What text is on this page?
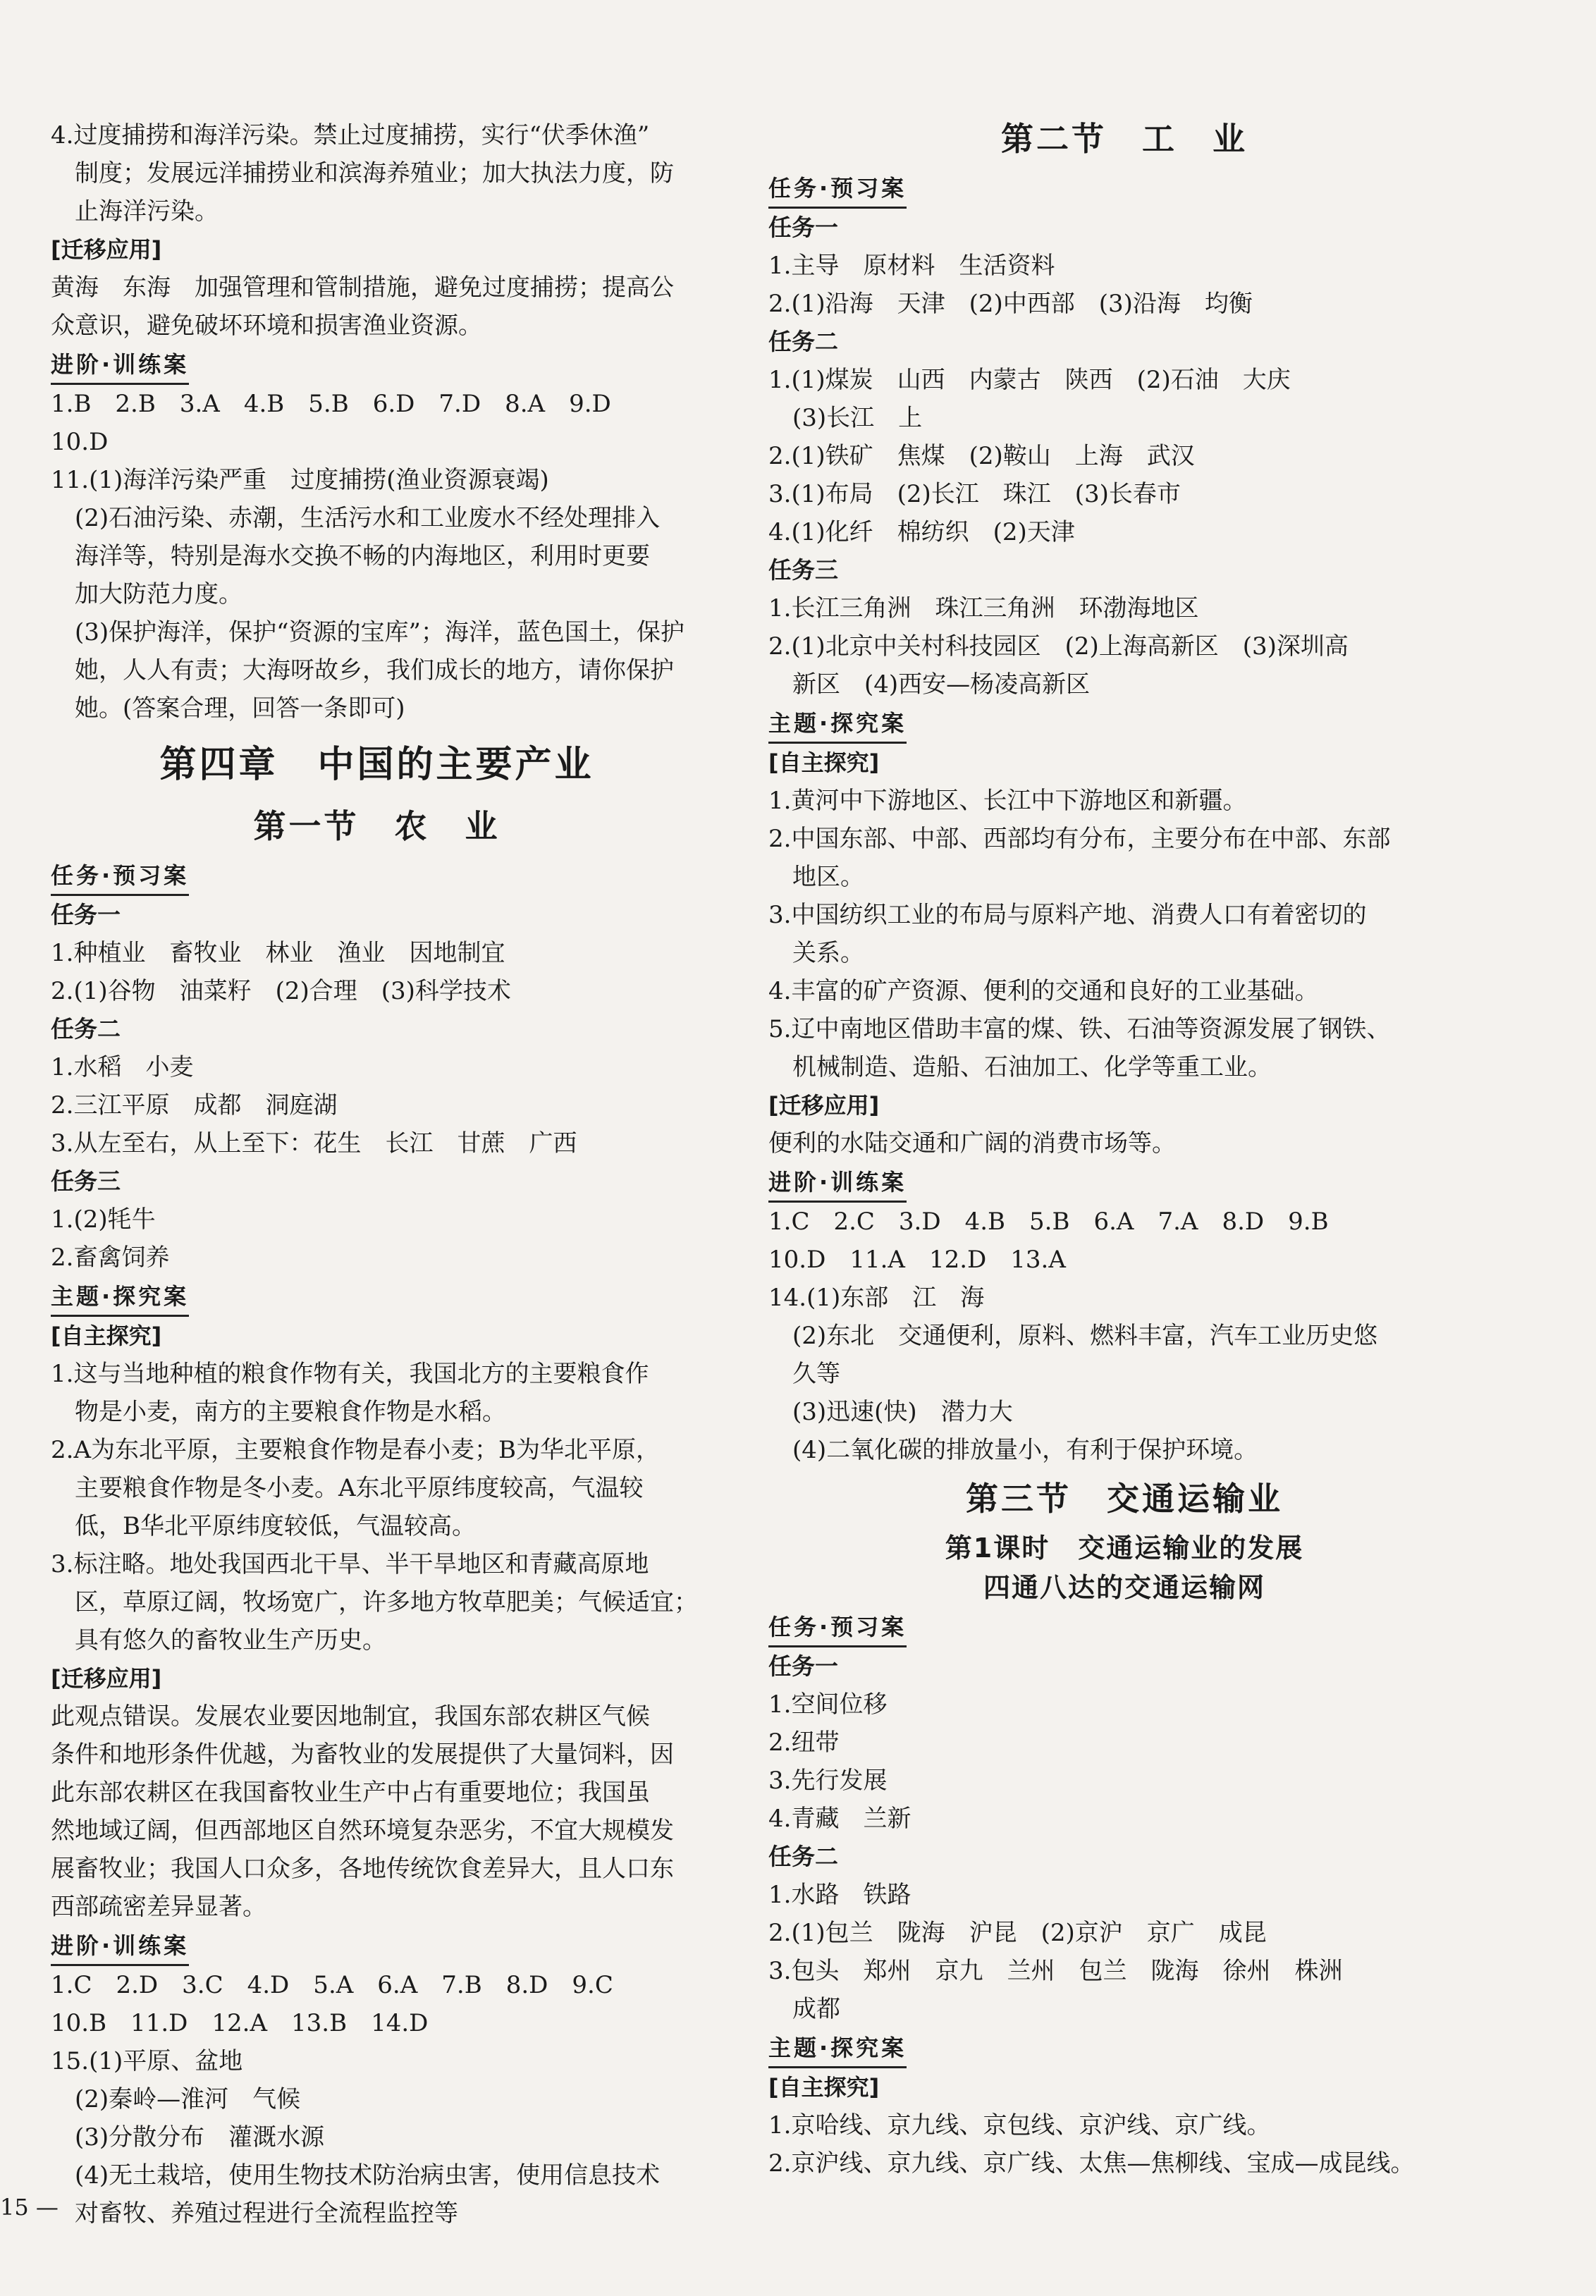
4.过度捕捞和海洋污染。禁止过度捕捞，实行“伏季休渔”
制度；发展远洋捕捞业和滨海养殖业；加大执法力度，防
止海洋污染。
[迁移应用]
黄海　东海　加强管理和管制措施，避免过度捕捞；提高公
众意识，避免破坏环境和损害渔业资源。
进阶·训练案
1.B　2.B　3.A　4.B　5.B　6.D　7.D　8.A　9.D
10.D
11.(1)海洋污染严重　过度捕捞(渔业资源衰竭)
(2)石油污染、赤潮，生活污水和工业废水不经处理排入
海洋等，特别是海水交换不畅的内海地区，利用时更要
加大防范力度。
(3)保护海洋，保护“资源的宝库”；海洋，蓝色国土，保护
她，人人有责；大海呀故乡，我们成长的地方，请你保护
她。(答案合理，回答一条即可)
第四章　中国的主要产业
第一节　农　业
任务·预习案
任务一
1.种植业　畜牧业　林业　渔业　因地制宜
2.(1)谷物　油菜籽　(2)合理　(3)科学技术
任务二
1.水稻　小麦
2.三江平原　成都　洞庭湖
3.从左至右，从上至下：花生　长江　甘蔗　广西
任务三
1.(2)牦牛
2.畜禽饲养
主题·探究案
[自主探究]
1.这与当地种植的粮食作物有关，我国北方的主要粮食作
物是小麦，南方的主要粮食作物是水稻。
2.A为东北平原，主要粮食作物是春小麦；B为华北平原，
主要粮食作物是冬小麦。A东北平原纬度较高，气温较
低，B华北平原纬度较低，气温较高。
3.标注略。地处我国西北干旱、半干旱地区和青藏高原地
区，草原辽阔，牧场宽广，许多地方牧草肥美；气候适宜；
具有悠久的畜牧业生产历史。
[迁移应用]
此观点错误。发展农业要因地制宜，我国东部农耕区气候
条件和地形条件优越，为畜牧业的发展提供了大量饲料，因
此东部农耕区在我国畜牧业生产中占有重要地位；我国虽
然地域辽阔，但西部地区自然环境复杂恶劣，不宜大规模发
展畜牧业；我国人口众多，各地传统饮食差异大，且人口东
西部疏密差异显著。
进阶·训练案
1.C　2.D　3.C　4.D　5.A　6.A　7.B　8.D　9.C
10.B　11.D　12.A　13.B　14.D
15.(1)平原、盆地
(2)秦岭—淮河　气候
(3)分散分布　灌溉水源
(4)无土栽培，使用生物技术防治病虫害，使用信息技术
对畜牧、养殖过程进行全流程监控等
15 —
第二节　工　业
任务·预习案
任务一
1.主导　原材料　生活资料
2.(1)沿海　天津　(2)中西部　(3)沿海　均衡
任务二
1.(1)煤炭　山西　内蒙古　陕西　(2)石油　大庆
(3)长江　上
2.(1)铁矿　焦煤　(2)鞍山　上海　武汉
3.(1)布局　(2)长江　珠江　(3)长春市
4.(1)化纤　棉纺织　(2)天津
任务三
1.长江三角洲　珠江三角洲　环渤海地区
2.(1)北京中关村科技园区　(2)上海高新区　(3)深圳高
新区　(4)西安—杨凌高新区
主题·探究案
[自主探究]
1.黄河中下游地区、长江中下游地区和新疆。
2.中国东部、中部、西部均有分布，主要分布在中部、东部
地区。
3.中国纺织工业的布局与原料产地、消费人口有着密切的
关系。
4.丰富的矿产资源、便利的交通和良好的工业基础。
5.辽中南地区借助丰富的煤、铁、石油等资源发展了钢铁、
机械制造、造船、石油加工、化学等重工业。
[迁移应用]
便利的水陆交通和广阔的消费市场等。
进阶·训练案
1.C　2.C　3.D　4.B　5.B　6.A　7.A　8.D　9.B
10.D　11.A　12.D　13.A
14.(1)东部　江　海
(2)东北　交通便利，原料、燃料丰富，汽车工业历史悠
久等
(3)迅速(快)　潜力大
(4)二氧化碳的排放量小，有利于保护环境。
第三节　交通运输业
第1课时　交通运输业的发展
四通八达的交通运输网
任务·预习案
任务一
1.空间位移
2.纽带
3.先行发展
4.青藏　兰新
任务二
1.水路　铁路
2.(1)包兰　陇海　沪昆　(2)京沪　京广　成昆
3.包头　郑州　京九　兰州　包兰　陇海　徐州　株洲
成都
主题·探究案
[自主探究]
1.京哈线、京九线、京包线、京沪线、京广线。
2.京沪线、京九线、京广线、太焦—焦柳线、宝成—成昆线。
